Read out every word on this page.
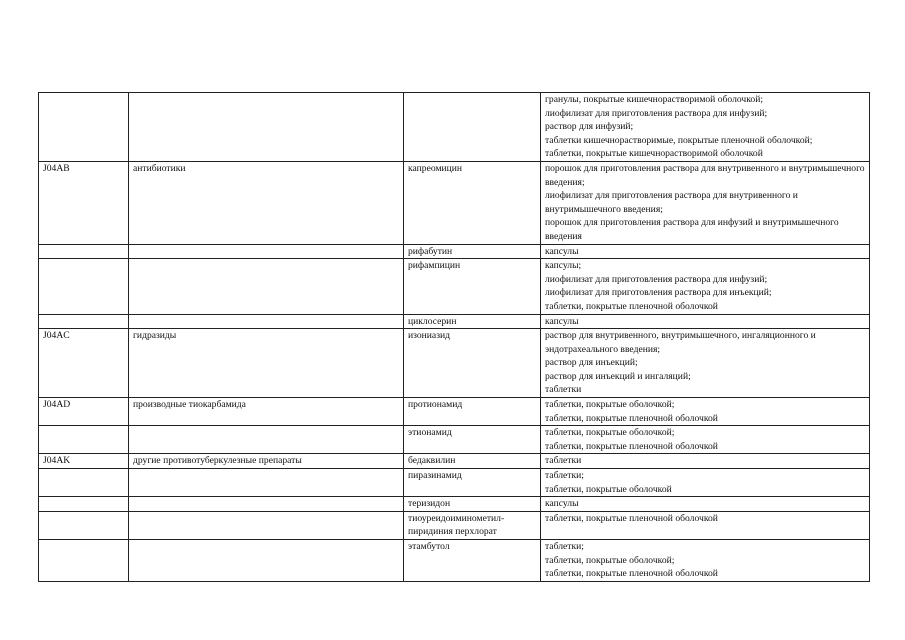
			гранулы, покрытые кишечнорастворимой оболочкой;
лиофилизат для приготовления раствора для инфузий;
раствор для инфузий;
таблетки кишечнорастворимые, покрытые пленочной оболочкой;
таблетки, покрытые кишечнорастворимой оболочкой

J04AB	антибиотики	капреомицин	порошок для приготовления раствора для внутривенного и внутримышечного введения;
лиофилизат для приготовления раствора для внутривенного и внутримышечного введения;
порошок для приготовления раствора для инфузий и внутримышечного введения

		рифабутин	капсулы

		рифампицин	капсулы;
лиофилизат для приготовления раствора для инфузий;
лиофилизат для приготовления раствора для инъекций;
таблетки, покрытые пленочной оболочкой

		циклосерин	капсулы

J04AC	гидразиды	изониазид	раствор для внутривенного, внутримышечного, ингаляционного и эндотрахеального введения;
раствор для инъекций;
раствор для инъекций и ингаляций;
таблетки

J04AD	производные тиокарбамида	протионамид	таблетки, покрытые оболочкой;
таблетки, покрытые пленочной оболочкой

		этионамид	таблетки, покрытые оболочкой;
таблетки, покрытые пленочной оболочкой

J04AK	другие противотуберкулезные препараты	бедаквилин	таблетки

		пиразинамид	таблетки;
таблетки, покрытые оболочкой

		теризидон	капсулы

		тиоуреидоиминометил-пиридиния перхлорат	таблетки, покрытые пленочной оболочкой

		этамбутол	таблетки;
таблетки, покрытые оболочкой;
таблетки, покрытые пленочной оболочкой
